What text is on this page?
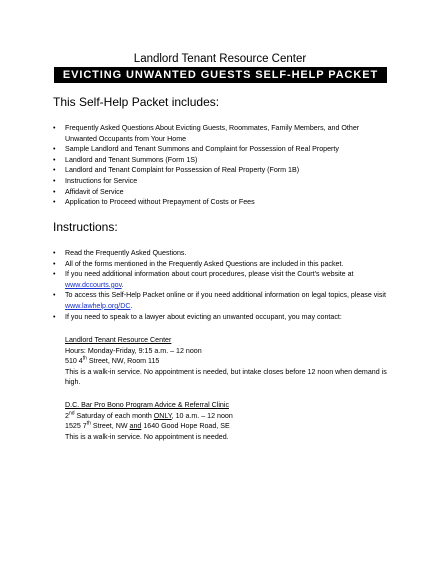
Landlord Tenant Resource Center
EVICTING UNWANTED GUESTS SELF-HELP PACKET
This Self-Help Packet includes:
• Frequently Asked Questions About Evicting Guests, Roommates, Family Members, and Other Unwanted Occupants from Your Home
• Sample Landlord and Tenant Summons and Complaint for Possession of Real Property
• Landlord and Tenant Summons (Form 1S)
• Landlord and Tenant Complaint for Possession of Real Property (Form 1B)
• Instructions for Service
• Affidavit of Service
• Application to Proceed without Prepayment of Costs or Fees
Instructions:
• Read the Frequently Asked Questions.
• All of the forms mentioned in the Frequently Asked Questions are included in this packet.
• If you need additional information about court procedures, please visit the Court’s website at www.dccourts.gov.
• To access this Self-Help Packet online or if you need additional information on legal topics, please visit www.lawhelp.org/DC.
• If you need to speak to a lawyer about evicting an unwanted occupant, you may contact:
Landlord Tenant Resource Center
Hours: Monday-Friday, 9:15 a.m. – 12 noon
510 4th Street, NW, Room 115
This is a walk-in service. No appointment is needed, but intake closes before 12 noon when demand is high.
D.C. Bar Pro Bono Program Advice & Referral Clinic
2nd Saturday of each month ONLY, 10 a.m. – 12 noon
1525 7th Street, NW and 1640 Good Hope Road, SE
This is a walk-in service. No appointment is needed.
